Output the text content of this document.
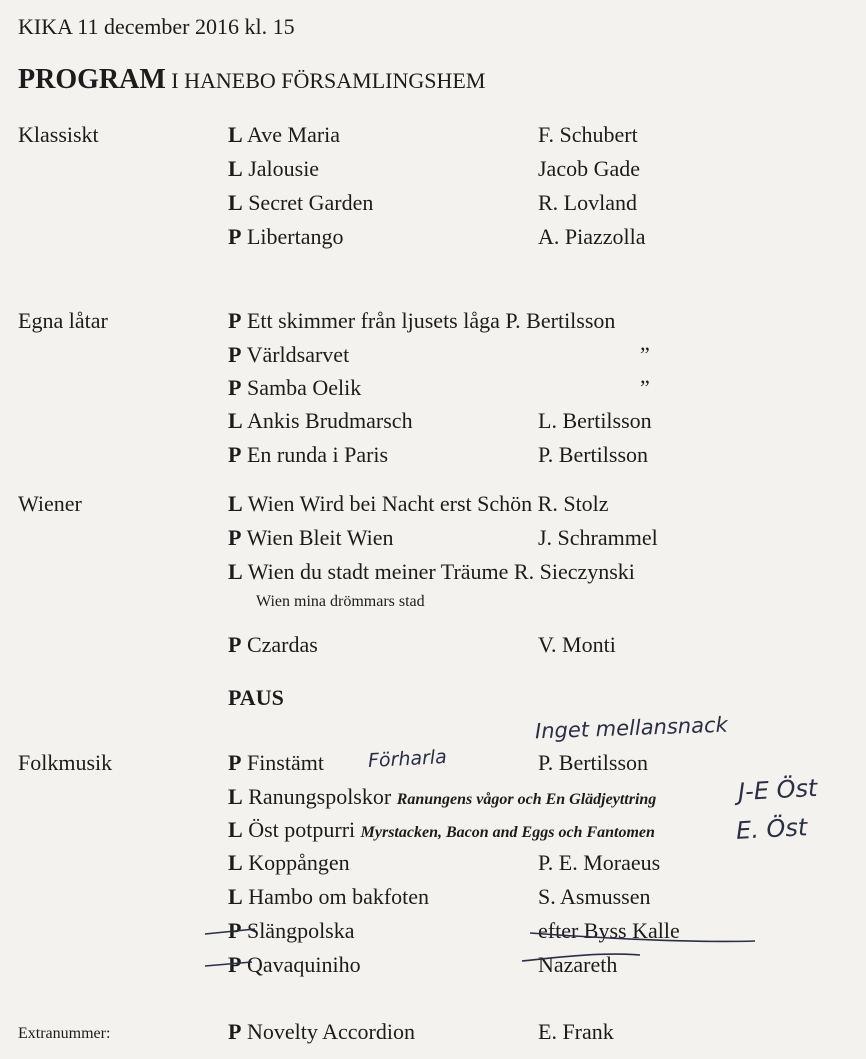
KIKA 11 december 2016 kl. 15
PROGRAM I HANEBO FÖRSAMLINGSHEM
Klassiskt	L Ave Maria	F. Schubert
L Jalousie	Jacob Gade
L Secret Garden	R. Lovland
P Libertango	A. Piazzolla
Egna låtar	P Ett skimmer från ljusets låga P. Bertilsson
P Världsarvet	”
P Samba Oelik	”
L Ankis Brudmarsch	L. Bertilsson
P En runda i Paris	P. Bertilsson
Wiener	L Wien Wird bei Nacht erst Schön R. Stolz
P Wien Bleit Wien	J. Schrammel
L Wien du stadt meiner Träume R. Sieczynski
Wien mina drömmars stad
P Czardas	V. Monti
PAUS
Folkmusik	P Finstämt	P. Bertilsson
L Ranungspolskor Ranungens vågor och En Glädjeyttring
L Öst potpurri Myrstacken, Bacon and Eggs och Fantomen
L Koppången	P. E. Moraeus
L Hambo om bakfoten	S. Asmussen
P Slängpolska	efter Byss Kalle
P Qavaquiniho	Nazareth
Extranummer:	P Novelty Accordion	E. Frank
Inget mellansnack
Förharla
J-E Öst
E. Öst
